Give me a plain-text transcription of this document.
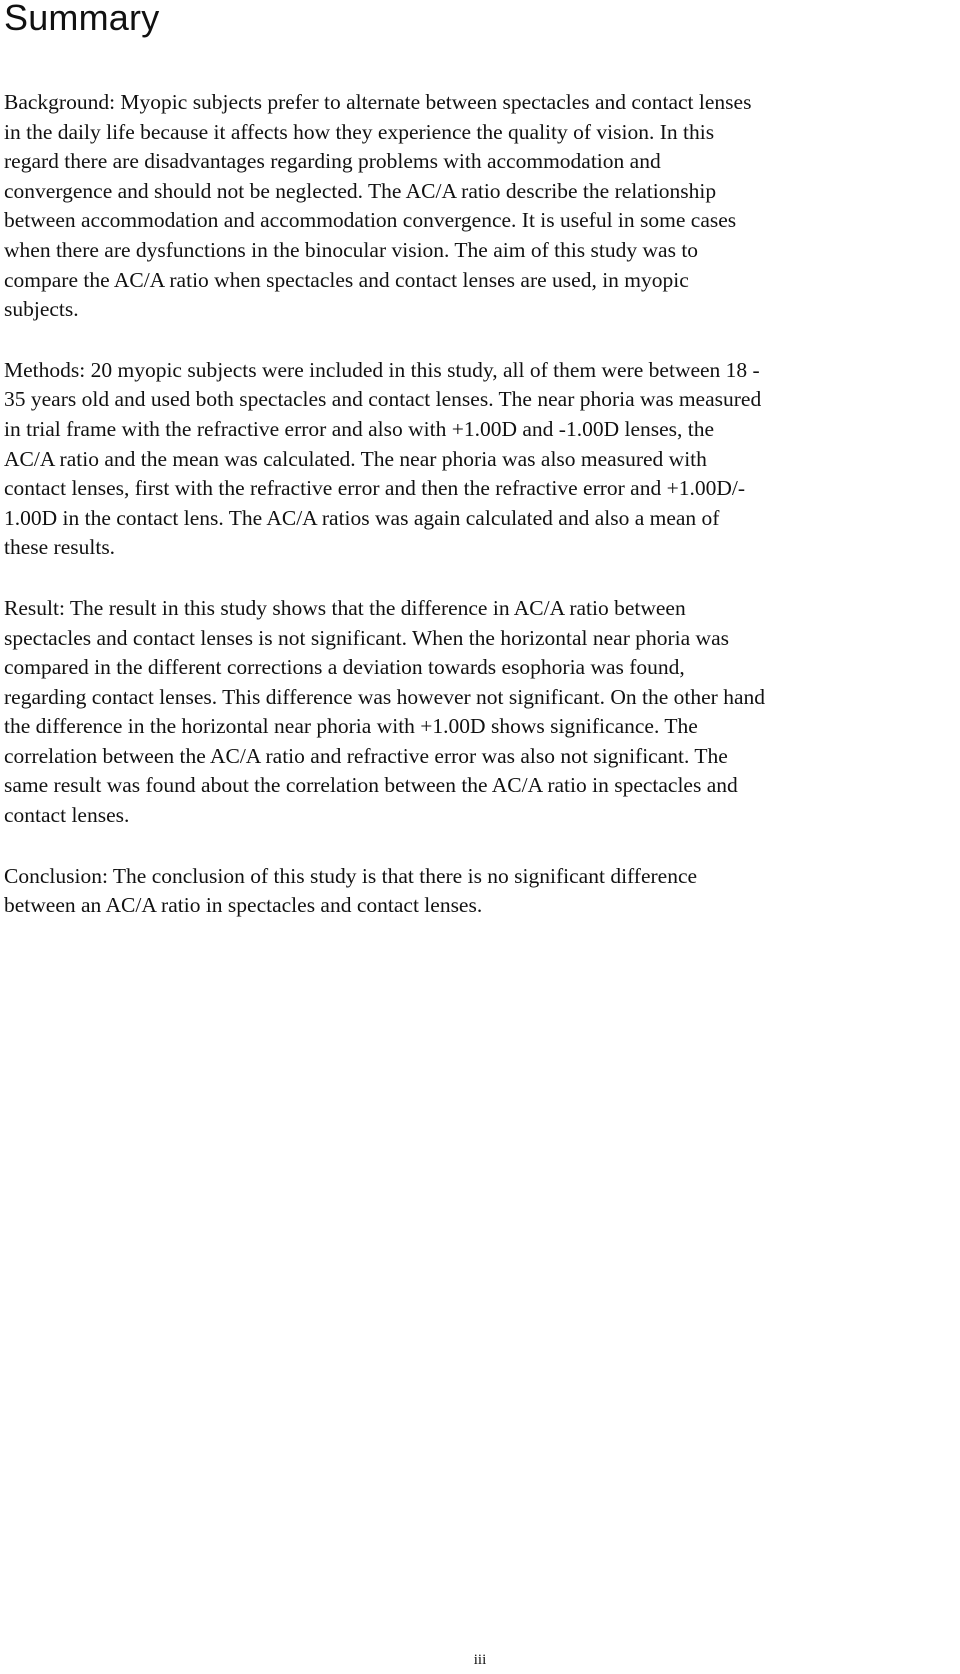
Summary

Background: Myopic subjects prefer to alternate between spectacles and contact lenses
in the daily life because it affects how they experience the quality of vision. In this
regard there are disadvantages regarding problems with accommodation and
convergence and should not be neglected. The AC/A ratio describe the relationship
between accommodation and accommodation convergence. It is useful in some cases
when there are dysfunctions in the binocular vision. The aim of this study was to
compare the AC/A ratio when spectacles and contact lenses are used, in myopic
subjects.

Methods: 20 myopic subjects were included in this study, all of them were between 18 -
35 years old and used both spectacles and contact lenses. The near phoria was measured
in trial frame with the refractive error and also with +1.00D and -1.00D lenses, the
AC/A ratio and the mean was calculated. The near phoria was also measured with
contact lenses, first with the refractive error and then the refractive error and +1.00D/-
1.00D in the contact lens. The AC/A ratios was again calculated and also a mean of
these results.

Result: The result in this study shows that the difference in AC/A ratio between
spectacles and contact lenses is not significant. When the horizontal near phoria was
compared in the different corrections a deviation towards esophoria was found,
regarding contact lenses. This difference was however not significant. On the other hand
the difference in the horizontal near phoria with +1.00D shows significance. The
correlation between the AC/A ratio and refractive error was also not significant. The
same result was found about the correlation between the AC/A ratio in spectacles and
contact lenses.

Conclusion: The conclusion of this study is that there is no significant difference
between an AC/A ratio in spectacles and contact lenses.

iii
